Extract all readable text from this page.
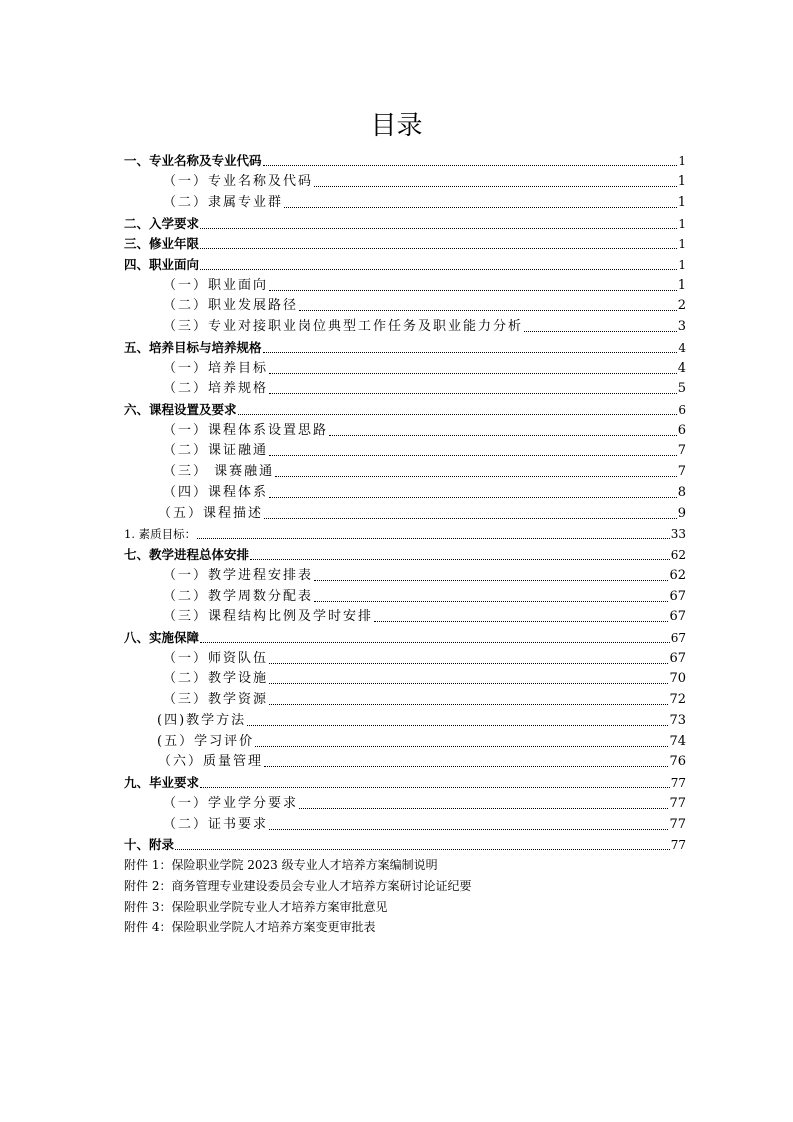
目录
一、专业名称及专业代码	1
（一）专业名称及代码	1
（二）隶属专业群	1
二、入学要求	1
三、修业年限	1
四、职业面向	1
（一）职业面向	1
（二）职业发展路径	2
（三）专业对接职业岗位典型工作任务及职业能力分析	3
五、培养目标与培养规格	4
（一）培养目标	4
（二）培养规格	5
六、课程设置及要求	6
（一）课程体系设置思路	6
（二）课证融通	7
（三） 课赛融通	7
（四）课程体系	8
（五）课程描述	9
1. 素质目标：	33
七、教学进程总体安排	62
（一）教学进程安排表	62
（二）教学周数分配表	67
（三）课程结构比例及学时安排	67
八、实施保障	67
（一）师资队伍	67
（二）教学设施	70
（三）教学资源	72
(四)教学方法	73
(五）学习评价	74
（六）质量管理	76
九、毕业要求	77
（一）学业学分要求	77
（二）证书要求	77
十、附录	77
附件 1：保险职业学院 2023 级专业人才培养方案编制说明
附件 2：商务管理专业建设委员会专业人才培养方案研讨论证纪要
附件 3：保险职业学院专业人才培养方案审批意见
附件 4：保险职业学院人才培养方案变更审批表
